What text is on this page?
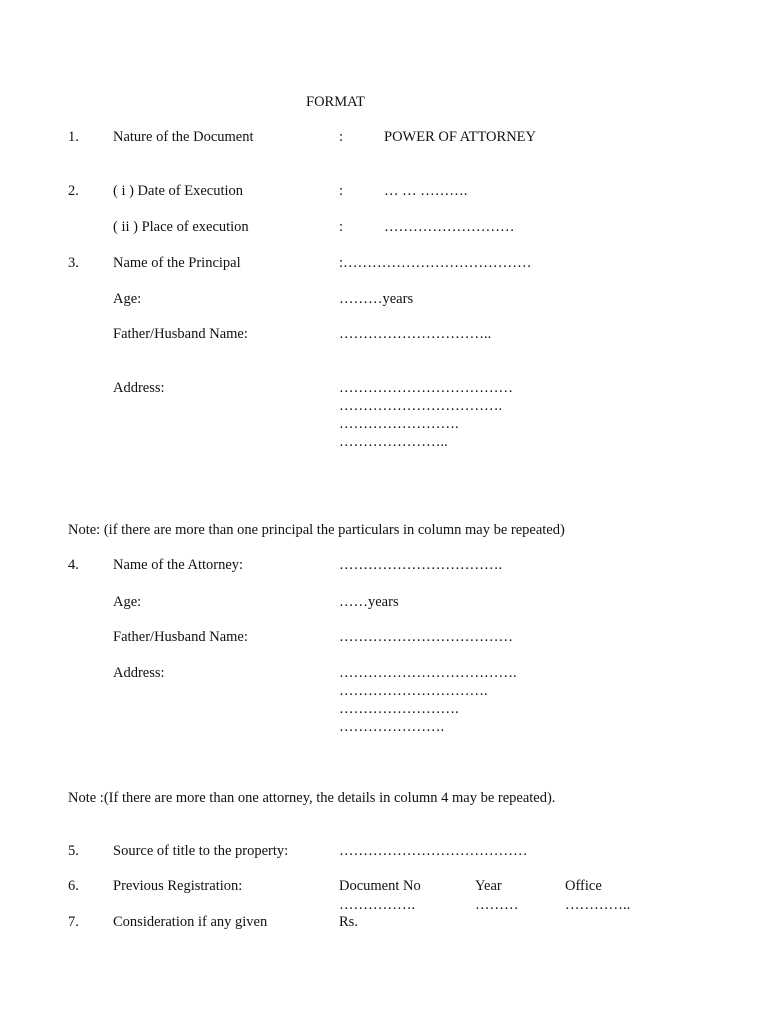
FORMAT
1. Nature of the Document	:	POWER OF ATTORNEY
2. ( i ) Date of Execution	:	… … ……….
( ii ) Place of execution	:	………………………
3. Name of the Principal	:…………………………………
Age:	………years
Father/Husband Name:	…………………………..
Address:	………………………………
…………………………….
…………………….
…………………..
Note: (if there are more than one principal the particulars in column may be repeated)
4. Name of the Attorney:	…………………………….
Age:	……years
Father/Husband Name:	………………………………
Address:	……………………………….
………………………….
…………………….
………………….
Note :(If there are more than one attorney, the details in column 4 may be repeated).
5. Source of title to the property:	…………………………………
6. Previous Registration:	Document No	Year	Office
…………….	………	…………..
7. Consideration if any given	Rs.
